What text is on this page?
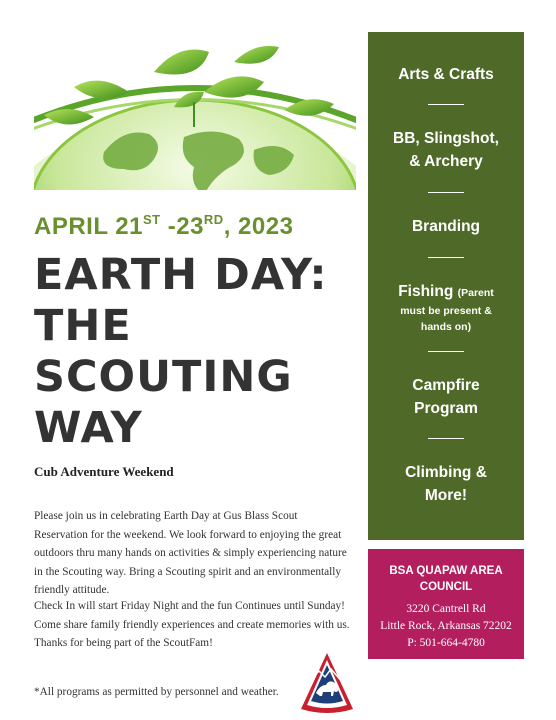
APRIL 21ST -23RD, 2023
EARTH DAY:
THE
SCOUTING
WAY
Cub Adventure Weekend
Please join us in celebrating Earth Day at Gus Blass Scout Reservation for the weekend. We look forward to enjoying the great outdoors thru many hands on activities & simply experiencing nature in the Scouting way. Bring a Scouting spirit and an environmentally friendly attitude.
Check In will start Friday Night and the fun Continues until Sunday! Come share family friendly experiences and create memories with us. Thanks for being part of the ScoutFam!
*All programs as permitted by personnel and weather.
Arts & Crafts
BB, Slingshot,
& Archery
Branding
Fishing (Parent
must be present &
hands on)
Campfire
Program
Climbing &
More!
BSA QUAPAW AREA
COUNCIL
3220 Cantrell Rd
Little Rock, Arkansas 72202
P: 501-664-4780
